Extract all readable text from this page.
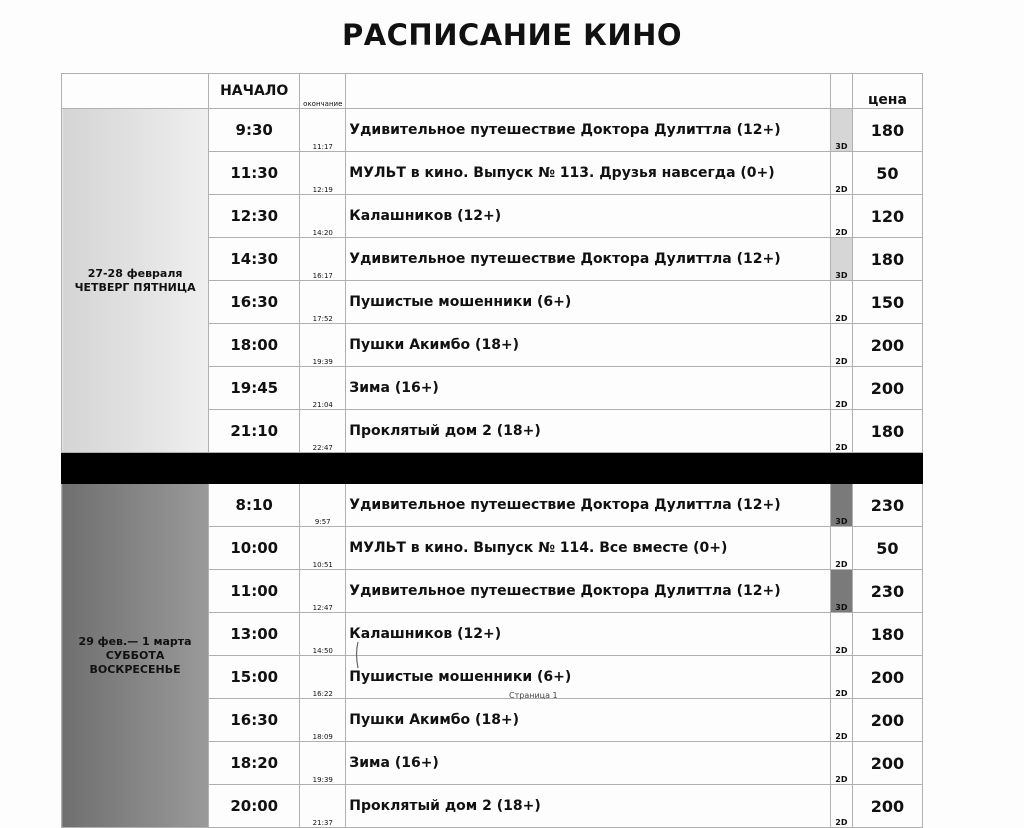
РАСПИСАНИЕ КИНО
	НАЧАЛО	окончание			цена
27-28 февраля
ЧЕТВЕРГ ПЯТНИЦА	9:30	11:17	Удивительное путешествие Доктора Дулиттла (12+)	3D	180
	11:30	12:19	МУЛЬТ в кино. Выпуск № 113. Друзья навсегда (0+)	2D	50
	12:30	14:20	Калашников (12+)	2D	120
	14:30	16:17	Удивительное путешествие Доктора Дулиттла (12+)	3D	180
	16:30	17:52	Пушистые мошенники (6+)	2D	150
	18:00	19:39	Пушки Акимбо (18+)	2D	200
	19:45	21:04	Зима (16+)	2D	200
	21:10	22:47	Проклятый дом 2 (18+)	2D	180

29 фев.— 1 марта
СУББОТА
ВОСКРЕСЕНЬЕ	8:10	9:57	Удивительное путешествие Доктора Дулиттла (12+)	3D	230
	10:00	10:51	МУЛЬТ в кино. Выпуск № 114. Все вместе (0+)	2D	50
	11:00	12:47	Удивительное путешествие Доктора Дулиттла (12+)	3D	230
	13:00	14:50	Калашников (12+)	2D	180
	15:00	16:22	Пушистые мошенники (6+)	2D	200
	16:30	18:09	Пушки Акимбо (18+)	2D	200
	18:20	19:39	Зима (16+)	2D	200
	20:00	21:37	Проклятый дом 2 (18+)	2D	200
Страница 1
